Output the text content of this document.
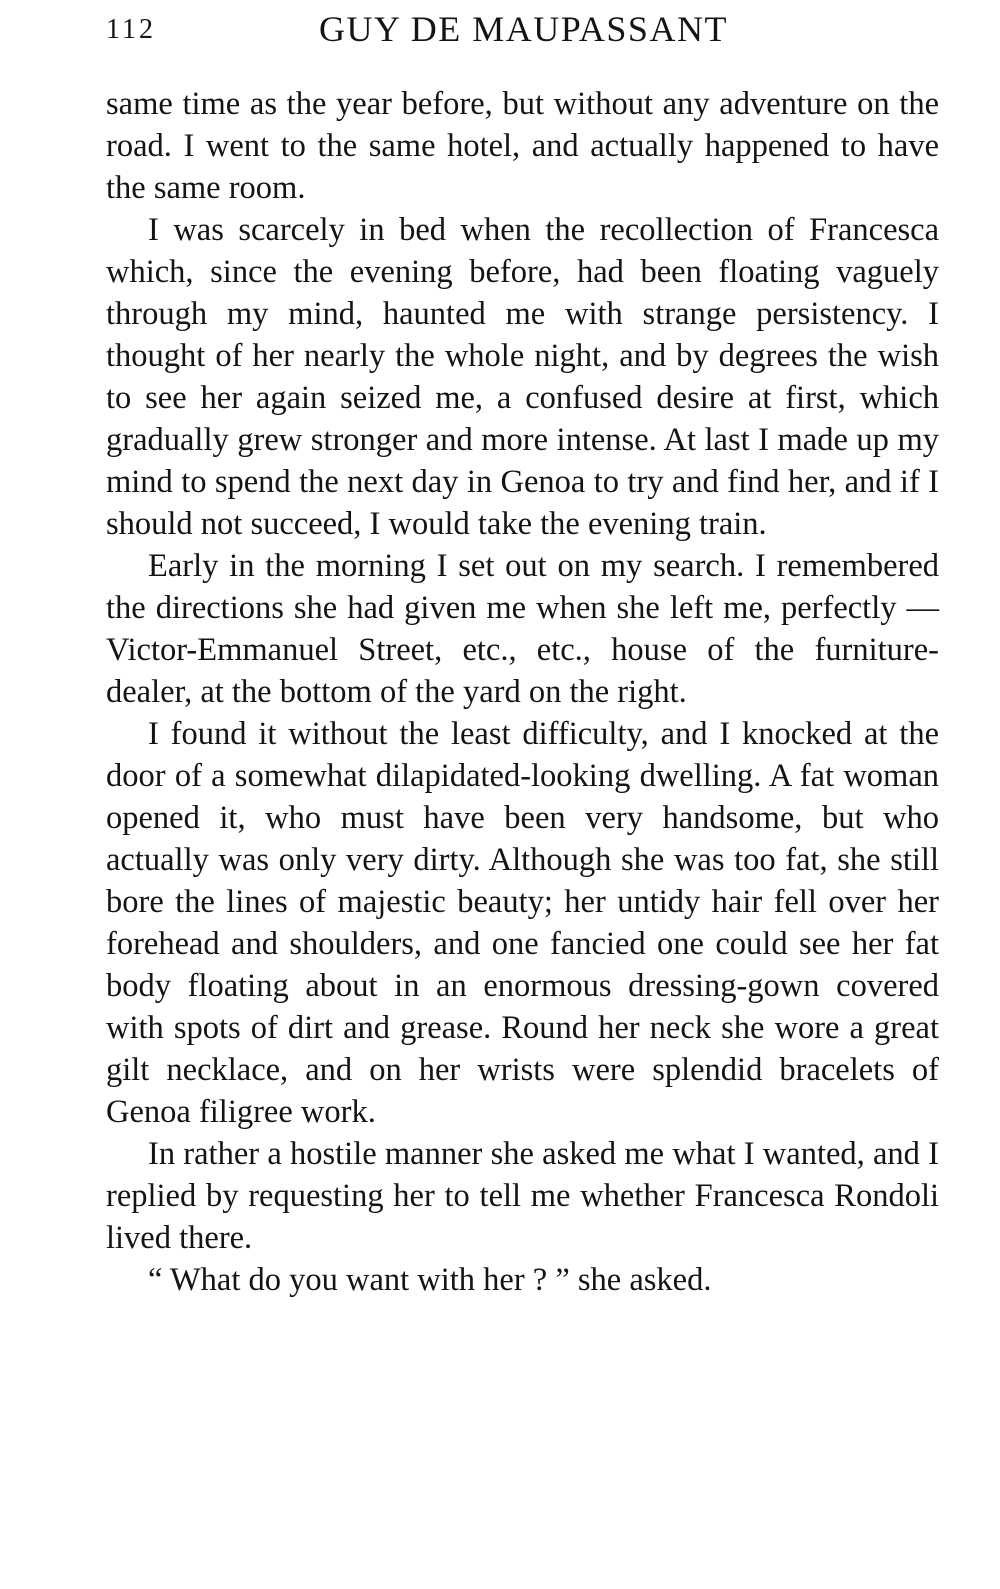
112	GUY DE MAUPASSANT

same time as the year before, but without any adventure on the road. I went to the same hotel, and actually happened to have the same room.

I was scarcely in bed when the recollection of Francesca which, since the evening before, had been floating vaguely through my mind, haunted me with strange persistency. I thought of her nearly the whole night, and by degrees the wish to see her again seized me, a confused desire at first, which gradually grew stronger and more intense. At last I made up my mind to spend the next day in Genoa to try and find her, and if I should not succeed, I would take the evening train.

Early in the morning I set out on my search. I remembered the directions she had given me when she left me, perfectly — Victor-Emmanuel Street, etc., etc., house of the furniture-dealer, at the bottom of the yard on the right.

I found it without the least difficulty, and I knocked at the door of a somewhat dilapidated-looking dwelling. A fat woman opened it, who must have been very handsome, but who actually was only very dirty. Although she was too fat, she still bore the lines of majestic beauty; her untidy hair fell over her forehead and shoulders, and one fancied one could see her fat body floating about in an enormous dressing-gown covered with spots of dirt and grease. Round her neck she wore a great gilt necklace, and on her wrists were splendid bracelets of Genoa filigree work.

In rather a hostile manner she asked me what I wanted, and I replied by requesting her to tell me whether Francesca Rondoli lived there.

“ What do you want with her ? ” she asked.
